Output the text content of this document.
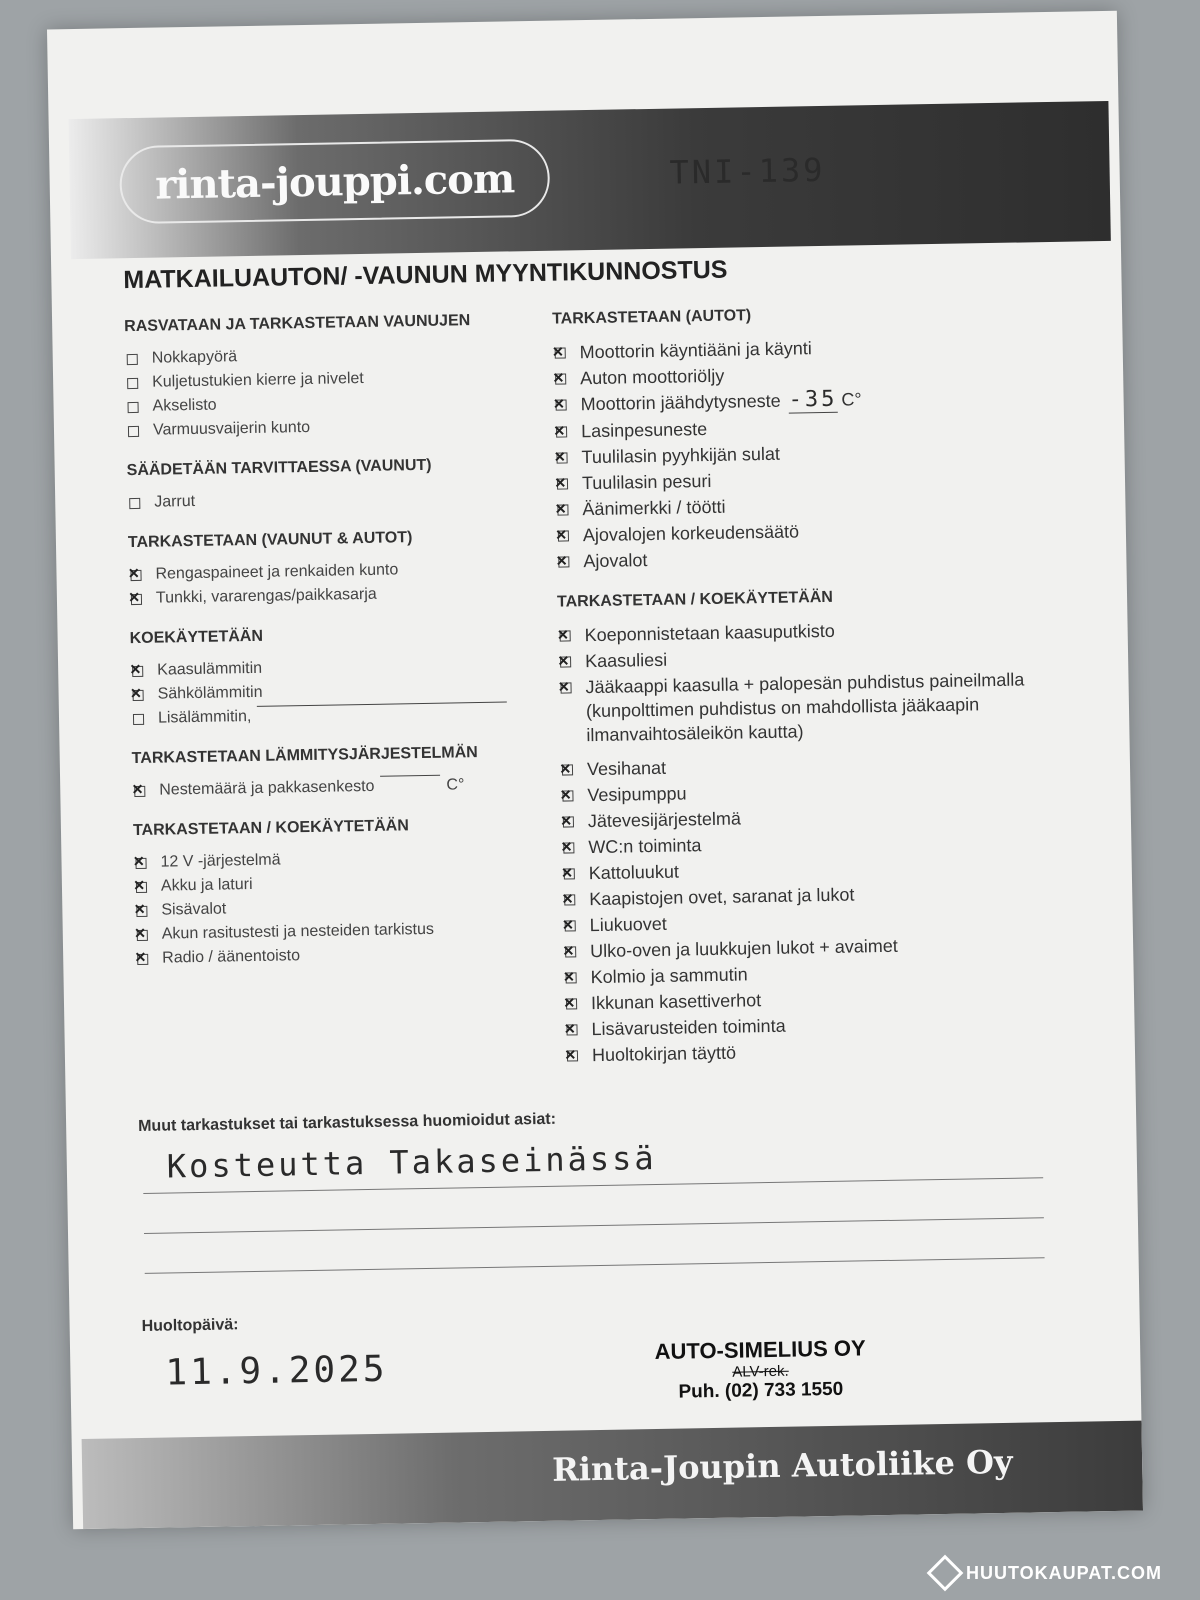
rinta-jouppi.com	TNI-139
MATKAILUAUTON/ -VAUNUN MYYNTIKUNNOSTUS
RASVATAAN JA TARKASTETAAN VAUNUJEN
Nokkapyörä
Kuljetustukien kierre ja nivelet
Akselisto
Varmuusvaijerin kunto
SÄÄDETÄÄN TARVITTAESSA (VAUNUT)
Jarrut
TARKASTETAAN (VAUNUT & AUTOT)
×
Rengaspaineet ja renkaiden kunto
×
Tunkki, vararengas/paikkasarja
KOEKÄYTETÄÄN
×
Kaasulämmitin
×
Sähkölämmitin
Lisälämmitin,
TARKASTETAAN LÄMMITYSJÄRJESTELMÄN
×
Nestemäärä ja pakkasenkesto	C°
TARKASTETAAN / KOEKÄYTETÄÄN
×
12 V -järjestelmä
×
Akku ja laturi
×
Sisävalot
×
Akun rasitustesti ja nesteiden tarkistus
×
Radio / äänentoisto
TARKASTETAAN (AUTOT)
×
Moottorin käyntiääni ja käynti
×
Auton moottoriöljy
×
Moottorin jäähdytysneste -35 C°
×
Lasinpesuneste
×
Tuulilasin pyyhkijän sulat
×
Tuulilasin pesuri
×
Äänimerkki / töötti
×
Ajovalojen korkeudensäätö
×
Ajovalot
TARKASTETAAN / KOEKÄYTETÄÄN
×
Koeponnistetaan kaasuputkisto
×
Kaasuliesi
×
Jääkaappi kaasulla + palopesän puhdistus paineilmalla (kunpolttimen puhdistus on mahdollista jääkaapin ilmanvaihtosäleikön kautta)
×
Vesihanat
×
Vesipumppu
×
Jätevesijärjestelmä
×
WC:n toiminta
×
Kattoluukut
×
Kaapistojen ovet, saranat ja lukot
×
Liukuovet
×
Ulko-oven ja luukkujen lukot + avaimet
×
Kolmio ja sammutin
×
Ikkunan kasettiverhot
×
Lisävarusteiden toiminta
×
Huoltokirjan täyttö
Muut tarkastukset tai tarkastuksessa huomioidut asiat:
Kosteutta Takaseinässä
Huoltopäivä:
11.9.2025	AUTO-SIMELIUS OY
ALV-rek.
Puh. (02) 733 1550
Rinta-Joupin Autoliike Oy
HUUTOKAUPAT.COM
